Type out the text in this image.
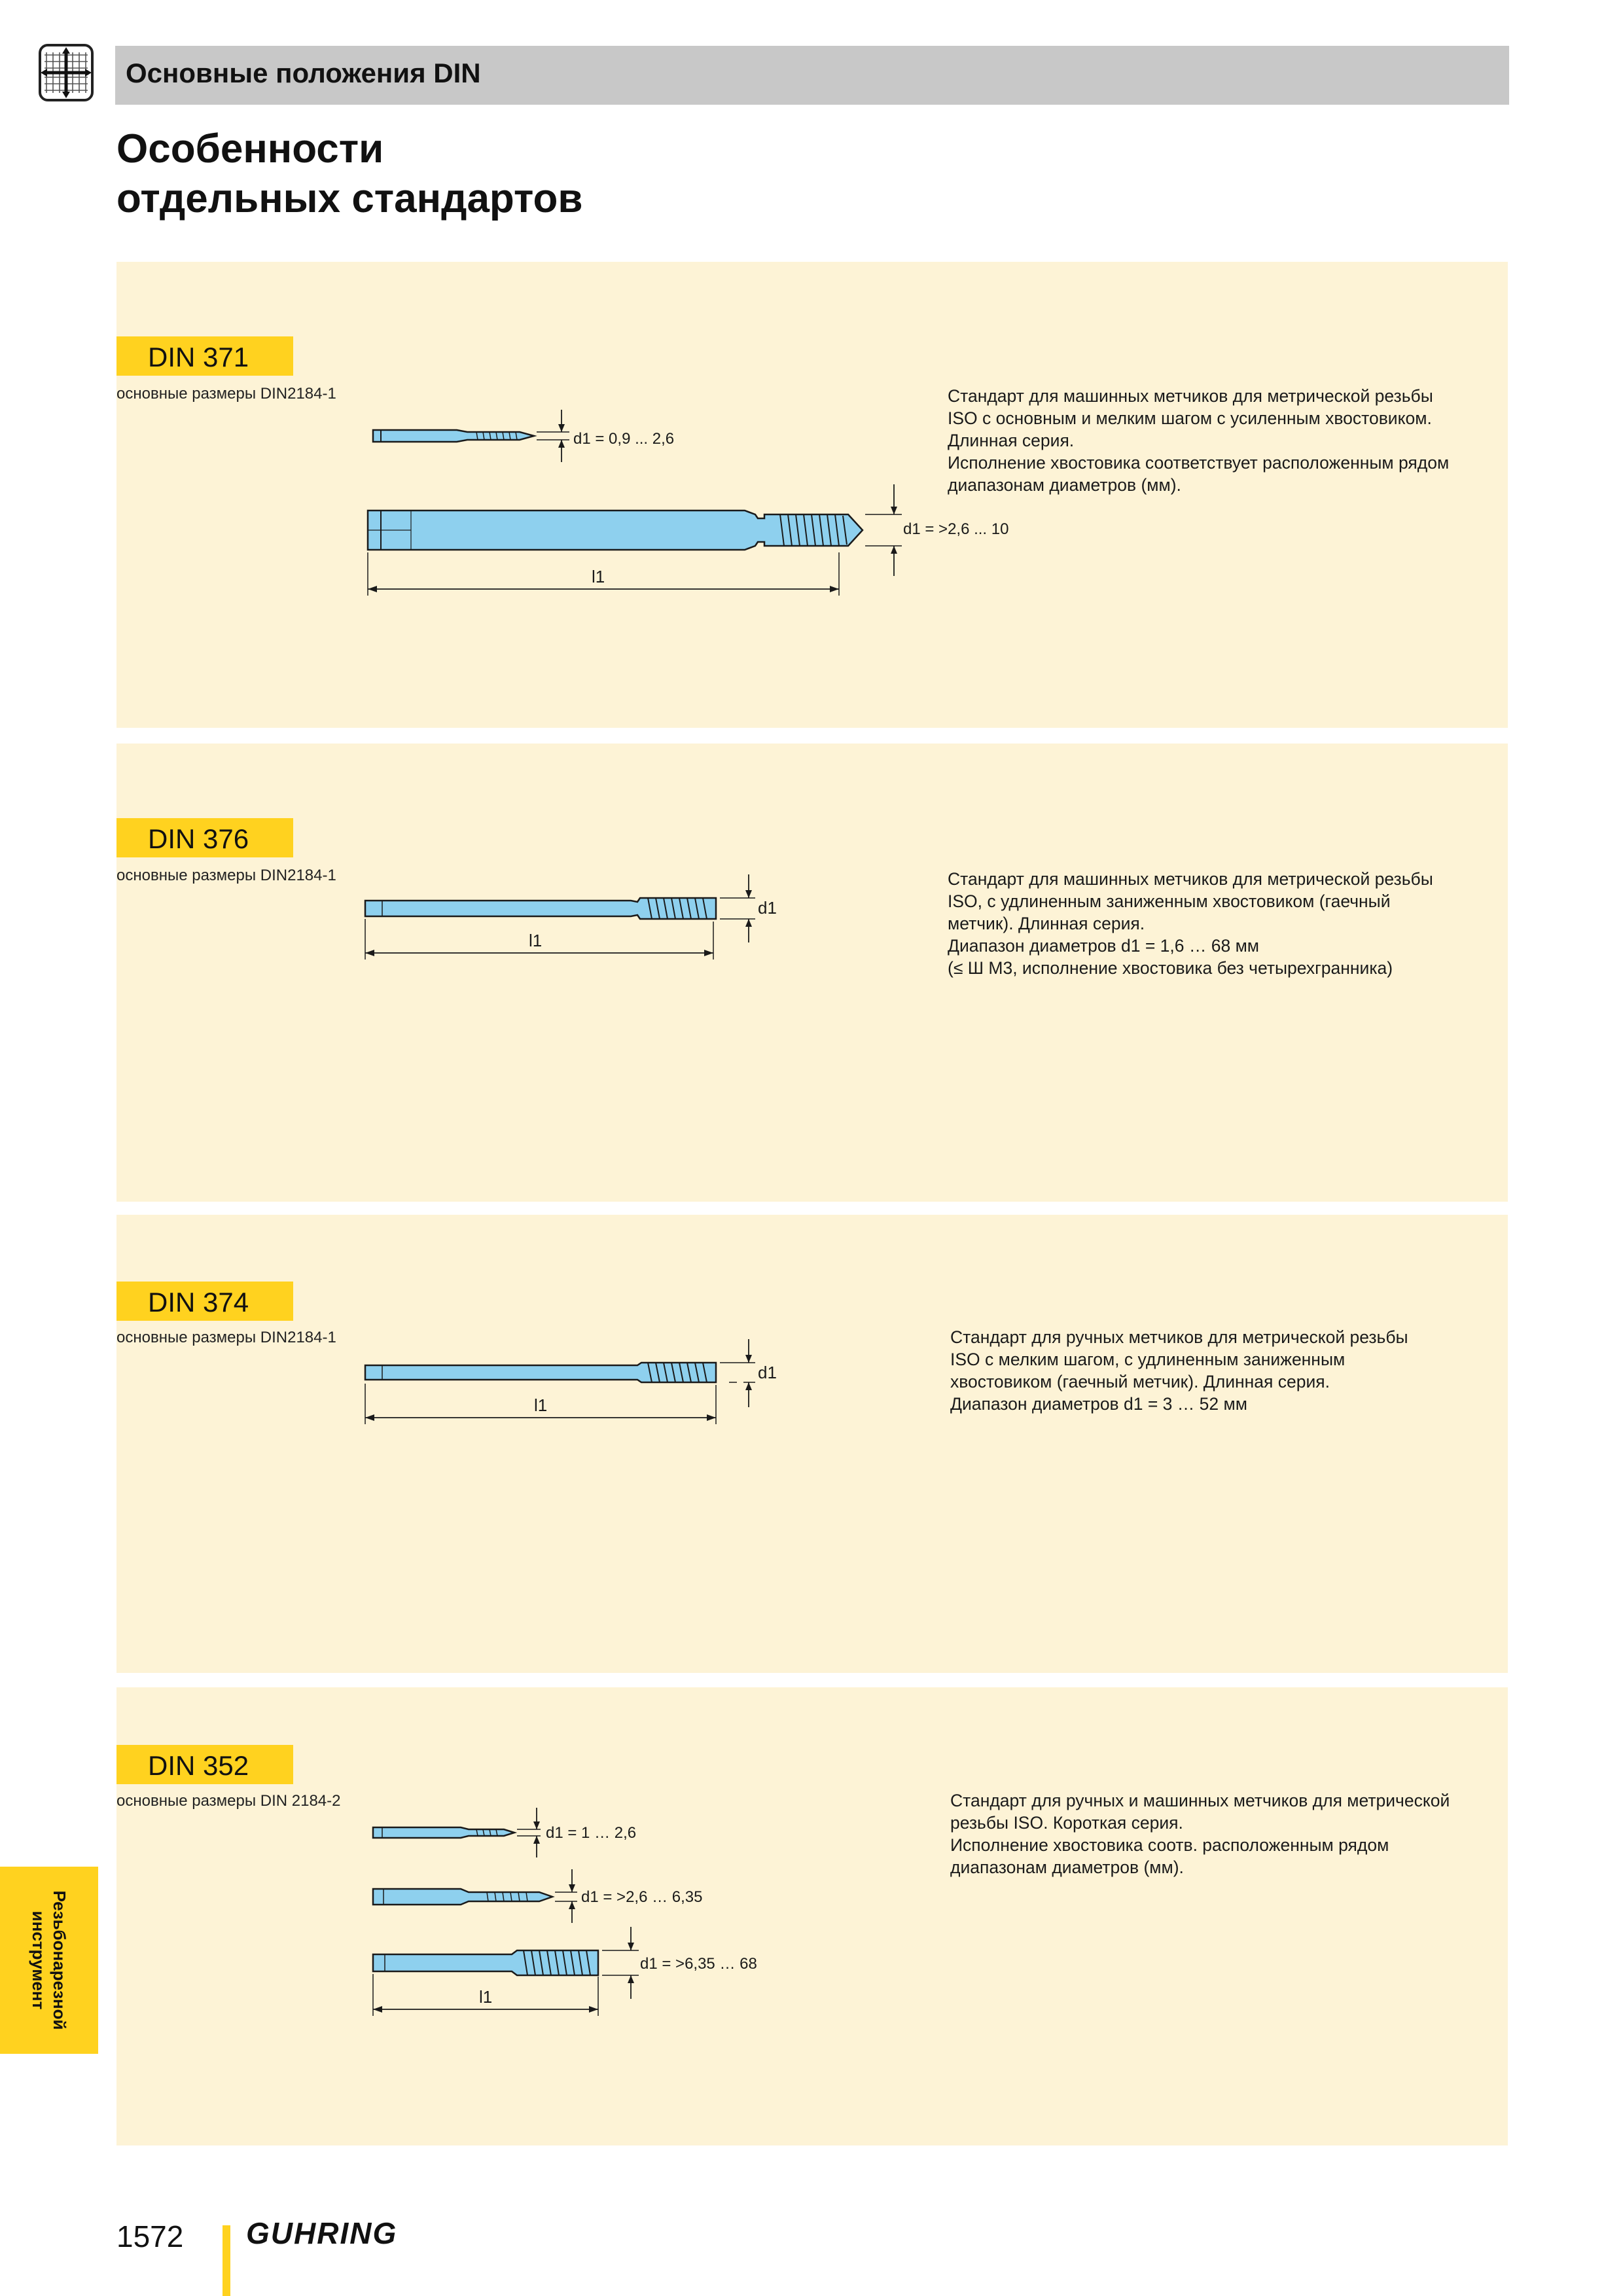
Основные положения DIN
Особенности
отдельных стандартов
DIN 371
основные размеры DIN2184-1
d1 = 0,9 ... 2,6
d1 = >2,6 ... 10
l1

Стандарт для машинных метчиков для метрической резьбы

ISO с основным и мелким шагом с усиленным хвостовиком.

Длинная серия.

Исполнение хвостовика соответствует расположенным рядом

диапазонам диаметров (мм).

DIN 376
основные размеры DIN2184-1
d1
l1

Стандарт для машинных метчиков для метрической резьбы

ISO, с удлиненным заниженным хвостовиком (гаечный

метчик). Длинная серия.

Диапазон диаметров d1 = 1,6 … 68 мм

(≤ Ш M3, исполнение хвостовика без четырехгранника)

DIN 374
основные размеры DIN2184-1
d1
l1

Стандарт для ручных метчиков для метрической резьбы

ISO с мелким шагом, с удлиненным заниженным

хвостовиком (гаечный метчик). Длинная серия.

Диапазон диаметров d1 = 3 … 52 мм

DIN 352
основные размеры DIN 2184-2
d1 = 1 … 2,6
d1 = >2,6 … 6,35
d1 = >6,35 … 68
l1

Стандарт для ручных и машинных метчиков для метрической

резьбы ISO. Короткая серия.

Исполнение хвостовика соотв. расположенным рядом

диапазонам диаметров (мм).

Резьбонарезной
инструмент
1572 GUHRING
